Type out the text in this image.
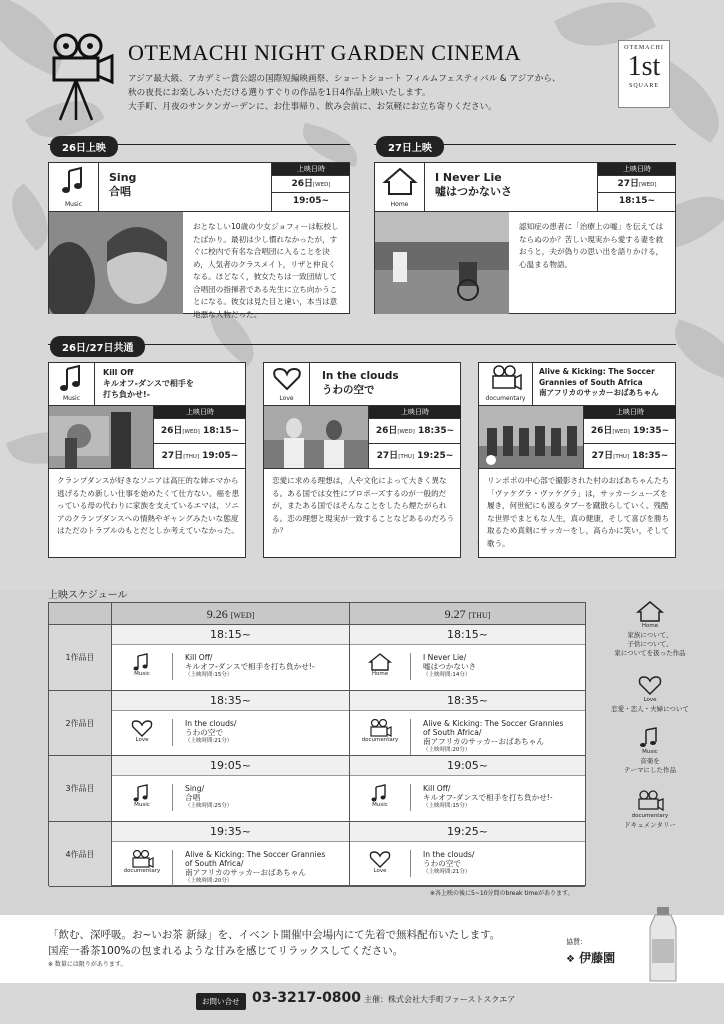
OTEMACHI NIGHT GARDEN CINEMA
アジア最大級、アカデミー賞公認の国際短編映画祭、ショートショート フィルムフェスティバル & アジアから、
秋の夜長にお楽しみいただける選りすぐりの作品を1日4作品上映いたします。
大手町、月夜のサンクンガーデンに、お仕事帰り、飲み会前に、お気軽にお立ち寄りください。
OTEMACHI
1st
SQUARE
26日上映	27日上映
Music
Sing
合唱
上映日時
26日[WED]
19:05~
おとなしい10歳の少女ジョフィーは転校したばかり。最初は少し慣れなかったが，すぐに校内で有名な合唱団に入ることを決め，人気者のクラスメイト，リザと仲良くなる。ほどなく，彼女たちは一致団結して合唱団の指揮者である先生に立ち向かうことになる。彼女は見た目と違い，本当は意地悪な人物だった。
Home
I Never Lie
嘘はつかないさ
上映日時
27日[WED]
18:15~
認知症の患者に「治療上の嘘」を伝えてはならぬのか？苦しい現実から愛する妻を救おうと，夫が偽りの思い出を語りかける，心温まる物語。
26日/27日共通
Music
Kill Off
キルオフ-ダンスで相手を
打ち負かせ!-
上映日時
26日[WED] 18:15~
27日[THU] 19:05~
クランプダンスが好きなソニアは高圧的な姉エマから逃げるため新しい仕事を始めたくて仕方ない。癌を患っている母の代わりに家族を支えているエマは，ソニアのクランプダンスへの情熱やギャングみたいな態度はただのトラブルのもとだとしか考えていなかった。
Love
In the clouds
うわの空で
上映日時
26日[WED] 18:35~
27日[THU] 19:25~
恋愛に求める理想は，人や文化によって大きく異なる。ある国では女性にプロポーズするのが一般的だが，またある国ではそんなことをしたら煙たがられる。恋の理想と現実が一致することなどあるのだろうか？
documentary
Alive & Kicking: The Soccer
Grannies of South Africa
南アフリカのサッカーおばあちゃん
上映日時
26日[WED] 19:35~
27日[THU] 18:35~
リンポポの中心部で撮影された村のおばあちゃんたち「ヴァケグラ・ヴァケグラ」は，サッカーシューズを履き，何世紀にも渡るタブーを蹴散らしていく。残酷な世界でまともな人生，真の健康，そして喜びを勝ち取るため真剣にサッカーをし，高らかに笑い，そして歌う。
上映スケジュール
9.26 [WED]	9.27 [THU]
1作品目
18:15~
Music
Kill Off/
キルオフ-ダンスで相手を打ち負かせ!-
（上映時間:15分）
18:15~
Home
I Never Lie/
嘘はつかないさ
（上映時間:14分）
2作品目
18:35~
Love
In the clouds/
うわの空で
（上映時間:21分）
18:35~
documentary
Alive & Kicking: The Soccer Grannies
of South Africa/
南アフリカのサッカーおばあちゃん
（上映時間:20分）
3作品目
19:05~
Music
Sing/
合唱
（上映時間:25分）
19:05~
Music
Kill Off/
キルオフ-ダンスで相手を打ち負かせ!-
（上映時間:15分）
4作品目
19:35~
documentary
Alive & Kicking: The Soccer Grannies
of South Africa/
南アフリカのサッカーおばあちゃん
（上映時間:20分）
19:25~
Love
In the clouds/
うわの空で
（上映時間:21分）
※各上映の後に5~10分間のbreak timeがあります。
Home
家族について、
子供について、
家についてを扱った作品
Love
恋愛・恋人・夫婦について
Music
音楽を
テーマにした作品
documentary
ドキュメンタリー
「飲む、深呼吸。お~いお茶 新緑」を、イベント開催中会場内にて先着で無料配布いたします。
国産一番茶100%の包まれるような甘みを感じてリラックスしてください。
※ 数量には限りがあります。
協賛：
❖ 伊藤園
お問い合せ 03-3217-0800 主催：株式会社大手町ファーストスクエア
